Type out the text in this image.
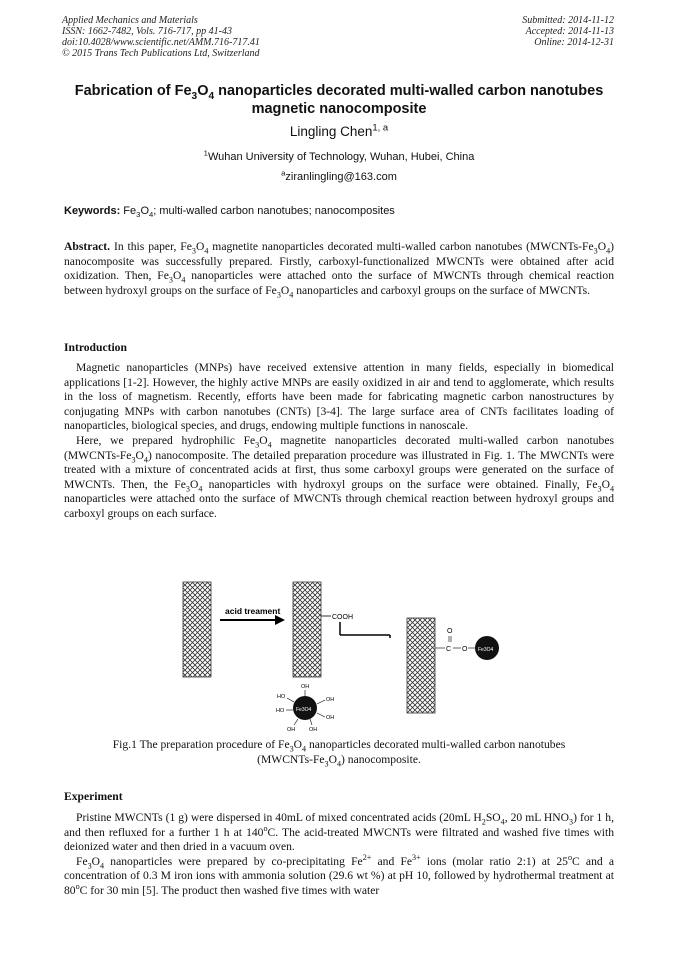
Applied Mechanics and Materials
ISSN: 1662-7482, Vols. 716-717, pp 41-43
doi:10.4028/www.scientific.net/AMM.716-717.41
© 2015 Trans Tech Publications Ltd, Switzerland
Submitted: 2014-11-12
Accepted: 2014-11-13
Online: 2014-12-31
Fabrication of $Fe_3O_4$ nanoparticles decorated multi-walled carbon nanotubes magnetic nanocomposite
Lingling Chen$^{1, a}$
$^1$Wuhan University of Technology, Wuhan, Hubei, China
$^a$ziranlingling@163.com
Keywords: $Fe_3O_4$; multi-walled carbon nanotubes; nanocomposites

Abstract. In this paper, $Fe_3O_4$ magnetite nanoparticles decorated multi-walled carbon nanotubes $(MWCNTs-Fe_3O_4)$ nanocomposite was successfully prepared. Firstly, carboxyl-functionalized MWCNTs were obtained after acid oxidization. Then, $Fe_3O_4$ nanoparticles were attached onto the surface of MWCNTs through chemical reaction between hydroxyl groups on the surface of $Fe_3O_4$ nanoparticles and carboxyl groups on the surface of MWCNTs.

Introduction

Magnetic nanoparticles (MNPs) have received extensive attention in many fields, especially in biomedical applications [1-2]. However, the highly active MNPs are easily oxidized in air and tend to agglomerate, which results in the loss of magnetism. Recently, efforts have been made for fabricating magnetic carbon nanostructures by conjugating MNPs with carbon nanotubes (CNTs) [3-4]. The large surface area of CNTs facilitates loading of nanoparticles, biological species, and drugs, endowing multiple functions in nanoscale.

Here, we prepared hydrophilic $Fe_3O_4$ magnetite nanoparticles decorated multi-walled carbon nanotubes $(MWCNTs-Fe_3O_4)$ nanocomposite. The detailed preparation procedure was illustrated in Fig. 1. The MWCNTs were treated with a mixture of concentrated acids at first, thus some carboxyl groups were generated on the surface of MWCNTs. Then, the $Fe_3O_4$ nanoparticles with hydroxyl groups on the surface were obtained. Finally, $Fe_3O_4$ nanoparticles were attached onto the surface of MWCNTs through chemical reaction between hydroxyl groups and carboxyl groups on each surface.

acid treament
COOH
Fe3O4
OH
HO	OH
HO
OH
OH	OH
C
O
O Fe3O4
Fig.1 The preparation procedure of $Fe_3O_4$ nanoparticles decorated multi-walled carbon nanotubes
$(MWCNTs-Fe_3O_4)$ nanocomposite.
Experiment

Pristine MWCNTs (1 g) were dispersed in 40mL of mixed concentrated acids (20mL $H_2SO_4$, 20 mL $HNO_3$) for 1 h, and then refluxed for a further 1 h at 140$^o$C. The acid-treated MWCNTs were filtrated and washed five times with deionized water and then dried in a vacuum oven.

$Fe_3O_4$ nanoparticles were prepared by co-precipitating $Fe^{2+}$ and $Fe^{3+}$ ions (molar ratio 2:1) at 25$^o$C and a concentration of 0.3 M iron ions with ammonia solution (29.6 wt %) at pH 10, followed by hydrothermal treatment at 80$^o$C for 30 min [5]. The product then washed five times with water
